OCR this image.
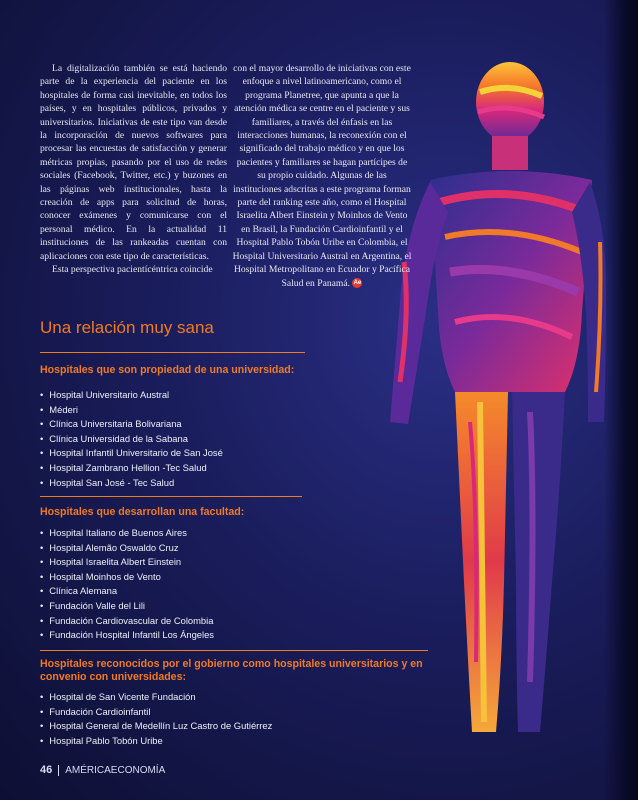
La digitalización también se está haciendo parte de la experiencia del paciente en los hospitales de forma casi inevitable, en todos los países, y en hospitales públicos, privados y universitarios. Iniciativas de este tipo van desde la incorporación de nuevos softwares para procesar las encuestas de satisfacción y generar métricas propias, pasando por el uso de redes sociales (Facebook, Twitter, etc.) y buzones en las páginas web institucionales, hasta la creación de apps para solicitud de horas, conocer exámenes y comunicarse con el personal médico. En la actualidad 11 instituciones de las rankeadas cuentan con aplicaciones con este tipo de características.

Esta perspectiva pacientícéntrica coincide

con el mayor desarrollo de iniciativas con este enfoque a nivel latinoamericano, como el programa Planetree, que apunta a que la atención médica se centre en el paciente y sus familiares, a través del énfasis en las interacciones humanas, la reconexión con el significado del trabajo médico y en que los pacientes y familiares se hagan partícipes de su propio cuidado. Algunas de las instituciones adscritas a este programa forman parte del ranking este año, como el Hospital Israelita Albert Einstein y Moinhos de Vento en Brasil, la Fundación Cardioinfantil y el Hospital Pablo Tobón Uribe en Colombia, el Hospital Universitario Austral en Argentina, el Hospital Metropolitano en Ecuador y Pacífica Salud en Panamá. Ae

Una relación muy sana
Hospitales que son propiedad de una universidad:
• Hospital Universitario Austral
• Méderi
• Clínica Universitaria Bolivariana
• Clínica Universidad de la Sabana
• Hospital Infantil Universitario de San José
• Hospital Zambrano Hellion -Tec Salud
• Hospital San José - Tec Salud
Hospitales que desarrollan una facultad:
• Hospital Italiano de Buenos Aires
• Hospital Alemão Oswaldo Cruz
• Hospital Israelita Albert Einstein
• Hospital Moinhos de Vento
• Clínica Alemana
• Fundación Valle del Lili
• Fundación Cardiovascular de Colombia
• Fundación Hospital Infantil Los Ángeles
Hospitales reconocidos por el gobierno como hospitales universitarios y en convenio con universidades:
• Hospital de San Vicente Fundación
• Fundación Cardioinfantil
• Hospital General de Medellín Luz Castro de Gutiérrez
• Hospital Pablo Tobón Uribe
46 AMÉRICAECONOMÍA
